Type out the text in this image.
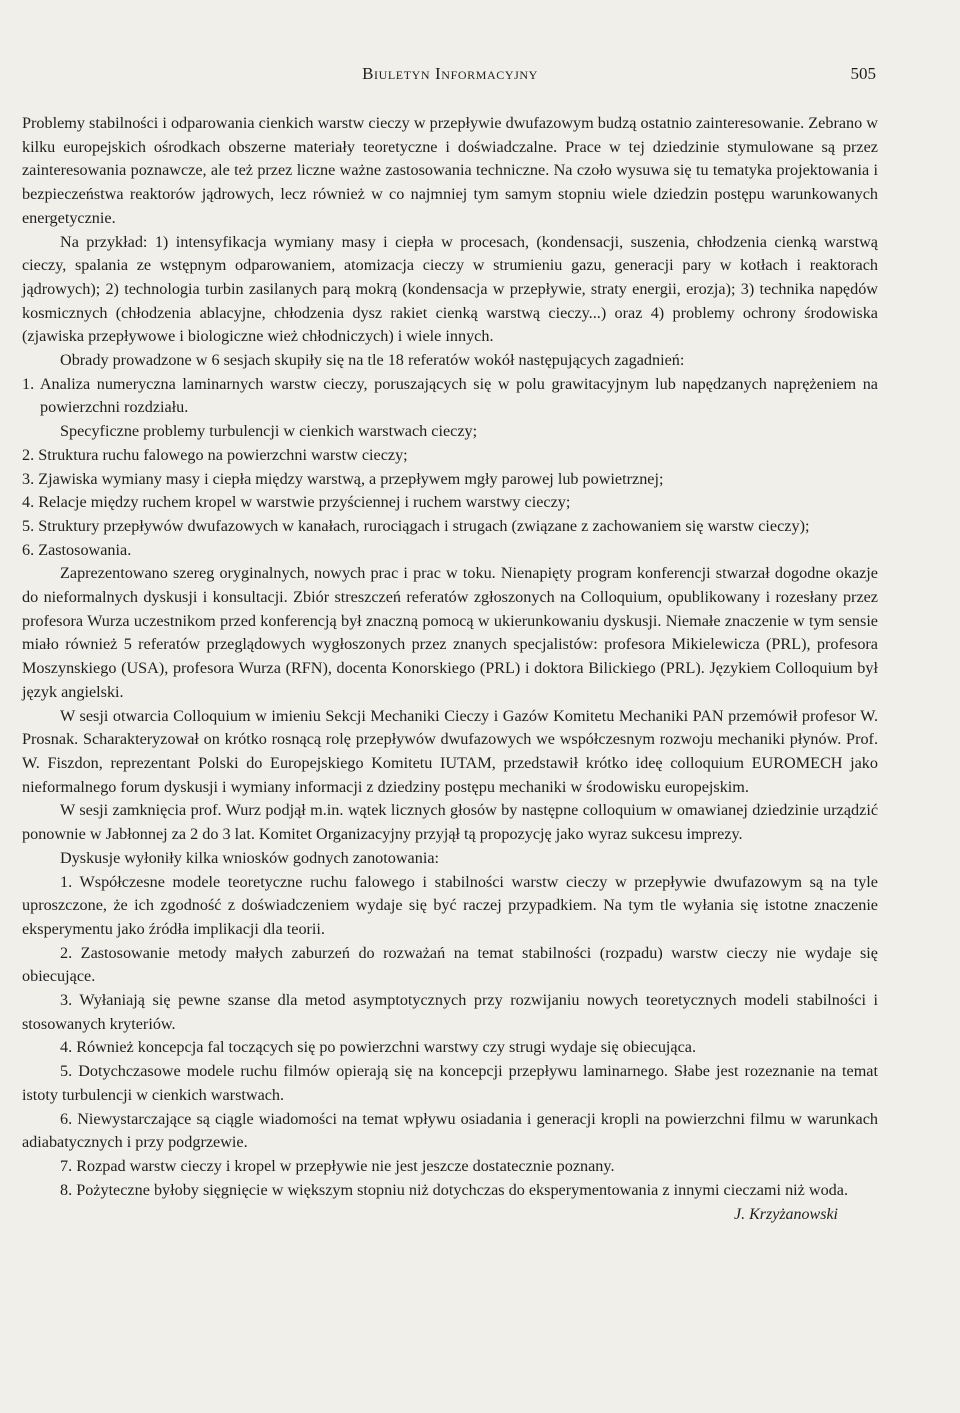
Biuletyn Informacyjny	505

Problemy stabilności i odparowania cienkich warstw cieczy w przepływie dwufazowym budzą ostatnio zainteresowanie. Zebrano w kilku europejskich ośrodkach obszerne materiały teoretyczne i doświadczalne. Prace w tej dziedzinie stymulowane są przez zainteresowania poznawcze, ale też przez liczne ważne zastosowania techniczne. Na czoło wysuwa się tu tematyka projektowania i bezpieczeństwa reaktorów jądrowych, lecz również w co najmniej tym samym stopniu wiele dziedzin postępu warunkowanych energetycznie.

Na przykład: 1) intensyfikacja wymiany masy i ciepła w procesach, (kondensacji, suszenia, chłodzenia cienką warstwą cieczy, spalania ze wstępnym odparowaniem, atomizacja cieczy w strumieniu gazu, generacji pary w kotłach i reaktorach jądrowych); 2) technologia turbin zasilanych parą mokrą (kondensacja w przepływie, straty energii, erozja); 3) technika napędów kosmicznych (chłodzenia ablacyjne, chłodzenia dysz rakiet cienką warstwą cieczy...) oraz 4) problemy ochrony środowiska (zjawiska przepływowe i biologiczne wież chłodniczych) i wiele innych.

Obrady prowadzone w 6 sesjach skupiły się na tle 18 referatów wokół następujących zagadnień:

1. Analiza numeryczna laminarnych warstw cieczy, poruszających się w polu grawitacyjnym lub napędzanych naprężeniem na powierzchni rozdziału.

Specyficzne problemy turbulencji w cienkich warstwach cieczy;

2. Struktura ruchu falowego na powierzchni warstw cieczy;

3. Zjawiska wymiany masy i ciepła między warstwą, a przepływem mgły parowej lub powietrznej;

4. Relacje między ruchem kropel w warstwie przyściennej i ruchem warstwy cieczy;

5. Struktury przepływów dwufazowych w kanałach, rurociągach i strugach (związane z zachowaniem się warstw cieczy);

6. Zastosowania.

Zaprezentowano szereg oryginalnych, nowych prac i prac w toku. Nienapięty program konferencji stwarzał dogodne okazje do nieformalnych dyskusji i konsultacji. Zbiór streszczeń referatów zgłoszonych na Colloquium, opublikowany i rozesłany przez profesora Wurza uczestnikom przed konferencją był znaczną pomocą w ukierunkowaniu dyskusji. Niemałe znaczenie w tym sensie miało również 5 referatów przeglądowych wygłoszonych przez znanych specjalistów: profesora Mikielewicza (PRL), profesora Moszynskiego (USA), profesora Wurza (RFN), docenta Konorskiego (PRL) i doktora Bilickiego (PRL). Językiem Colloquium był język angielski.

W sesji otwarcia Colloquium w imieniu Sekcji Mechaniki Cieczy i Gazów Komitetu Mechaniki PAN przemówił profesor W. Prosnak. Scharakteryzował on krótko rosnącą rolę przepływów dwufazowych we współczesnym rozwoju mechaniki płynów. Prof. W. Fiszdon, reprezentant Polski do Europejskiego Komitetu IUTAM, przedstawił krótko ideę colloquium EUROMECH jako nieformalnego forum dyskusji i wymiany informacji z dziedziny postępu mechaniki w środowisku europejskim.

W sesji zamknięcia prof. Wurz podjął m.in. wątek licznych głosów by następne colloquium w omawianej dziedzinie urządzić ponownie w Jabłonnej za 2 do 3 lat. Komitet Organizacyjny przyjął tą propozycję jako wyraz sukcesu imprezy.

Dyskusje wyłoniły kilka wniosków godnych zanotowania:

1. Współczesne modele teoretyczne ruchu falowego i stabilności warstw cieczy w przepływie dwufazowym są na tyle uproszczone, że ich zgodność z doświadczeniem wydaje się być raczej przypadkiem. Na tym tle wyłania się istotne znaczenie eksperymentu jako źródła implikacji dla teorii.

2. Zastosowanie metody małych zaburzeń do rozważań na temat stabilności (rozpadu) warstw cieczy nie wydaje się obiecujące.

3. Wyłaniają się pewne szanse dla metod asymptotycznych przy rozwijaniu nowych teoretycznych modeli stabilności i stosowanych kryteriów.

4. Również koncepcja fal toczących się po powierzchni warstwy czy strugi wydaje się obiecująca.

5. Dotychczasowe modele ruchu filmów opierają się na koncepcji przepływu laminarnego. Słabe jest rozeznanie na temat istoty turbulencji w cienkich warstwach.

6. Niewystarczające są ciągle wiadomości na temat wpływu osiadania i generacji kropli na powierzchni filmu w warunkach adiabatycznych i przy podgrzewie.

7. Rozpad warstw cieczy i kropel w przepływie nie jest jeszcze dostatecznie poznany.

8. Pożyteczne byłoby sięgnięcie w większym stopniu niż dotychczas do eksperymentowania z innymi cieczami niż woda.

J. Krzyżanowski
